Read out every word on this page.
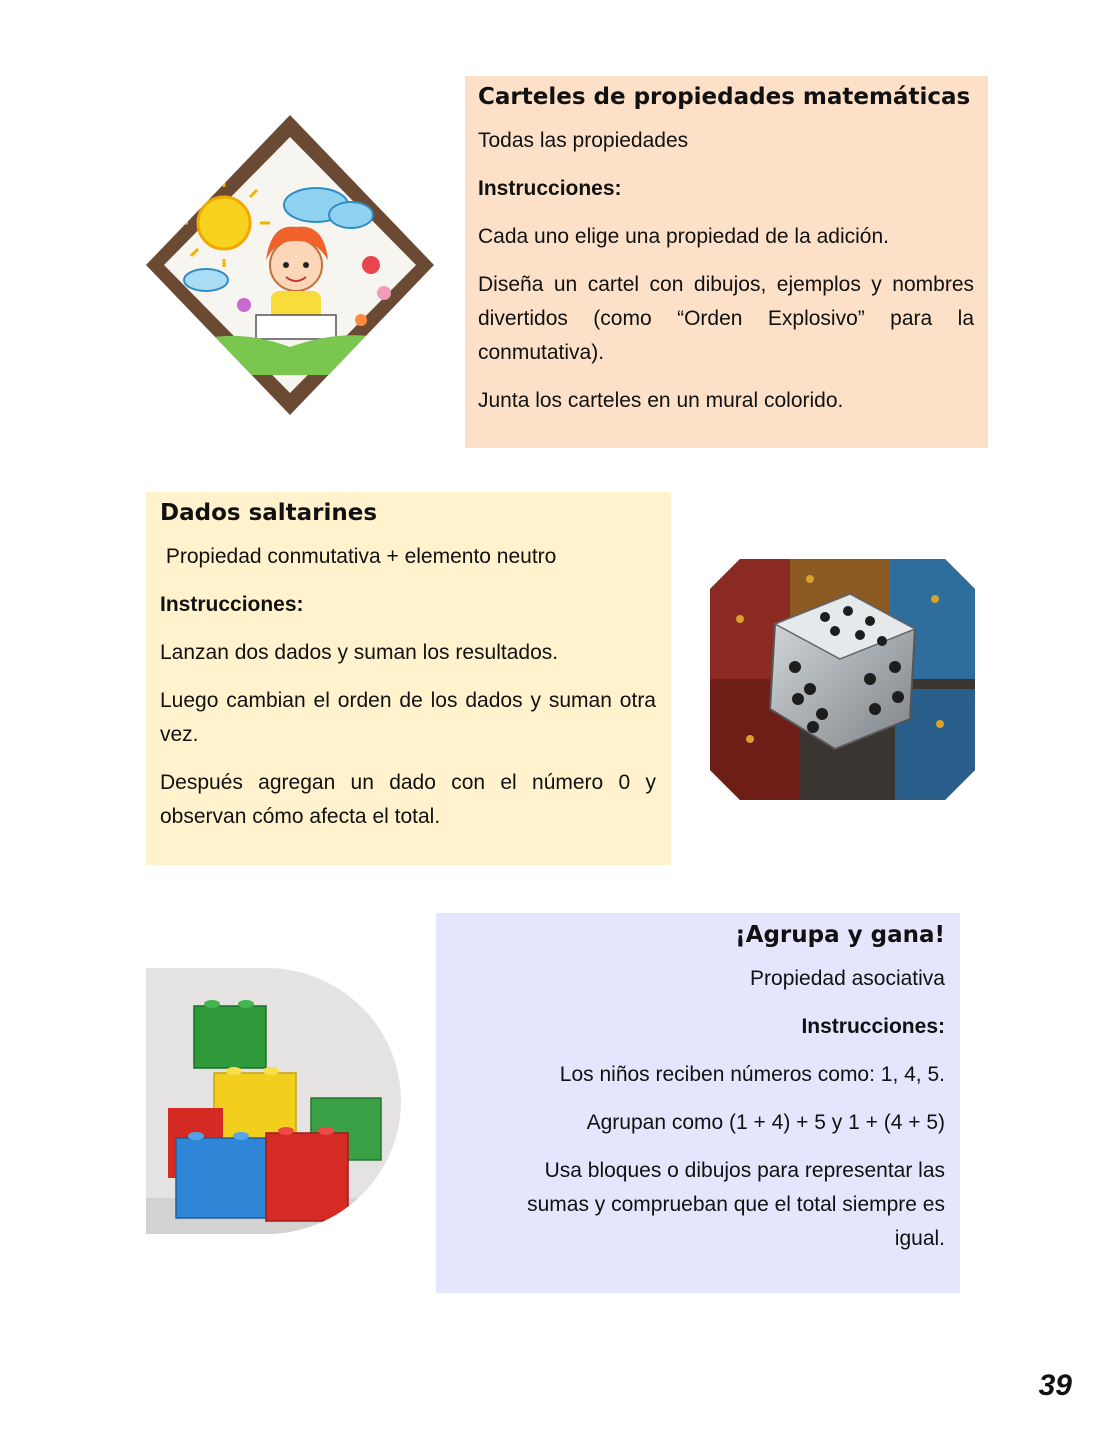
Carteles de propiedades matemáticas

Todas las propiedades

Instrucciones:

Cada uno elige una propiedad de la adición.

Diseña un cartel con dibujos, ejemplos y nombres divertidos (como “Orden Explosivo” para la conmutativa).

Junta los carteles en un mural colorido.

Dados saltarines

Propiedad conmutativa + elemento neutro

Instrucciones:

Lanzan dos dados y suman los resultados.

Luego cambian el orden de los dados y suman otra vez.

Después agregan un dado con el número 0 y observan cómo afecta el total.

¡Agrupa y gana!

Propiedad asociativa

Instrucciones:

Los niños reciben números como: 1, 4, 5.

Agrupan como (1 + 4) + 5 y 1 + (4 + 5)

Usa bloques o dibujos para representar las sumas y comprueban que el total siempre es igual.

39
